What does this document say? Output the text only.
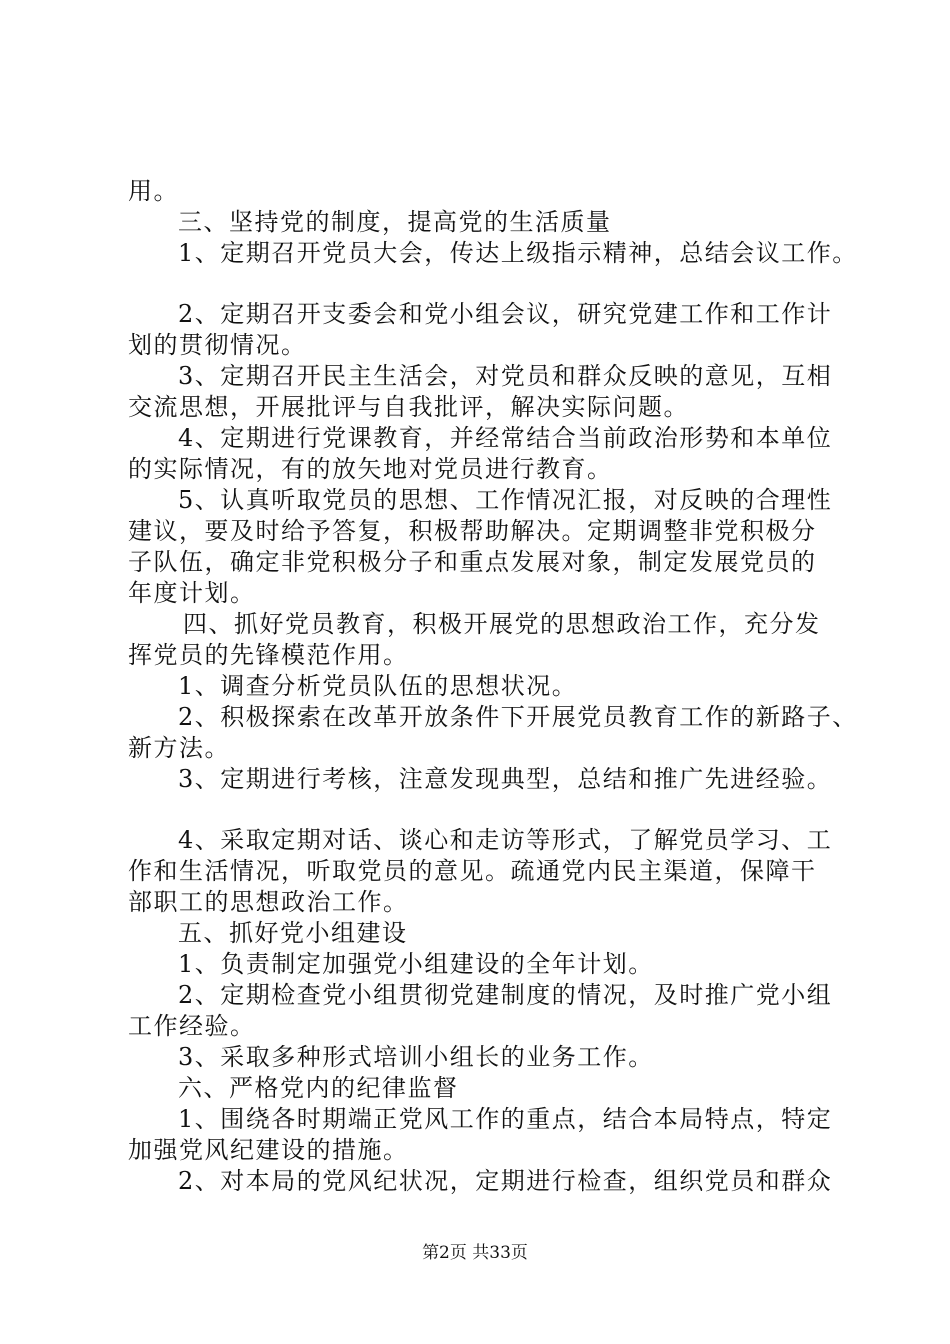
用。
三、坚持党的制度，提高党的生活质量
1、定期召开党员大会，传达上级指示精神，总结会议工作。
2、定期召开支委会和党小组会议，研究党建工作和工作计
划的贯彻情况。
3、定期召开民主生活会，对党员和群众反映的意见，互相
交流思想，开展批评与自我批评，解决实际问题。
4、定期进行党课教育，并经常结合当前政治形势和本单位
的实际情况，有的放矢地对党员进行教育。
5、认真听取党员的思想、工作情况汇报，对反映的合理性
建议，要及时给予答复，积极帮助解决。定期调整非党积极分
子队伍，确定非党积极分子和重点发展对象，制定发展党员的
年度计划。
四、抓好党员教育，积极开展党的思想政治工作，充分发
挥党员的先锋模范作用。
1、调查分析党员队伍的思想状况。
2、积极探索在改革开放条件下开展党员教育工作的新路子、
新方法。
3、定期进行考核，注意发现典型，总结和推广先进经验。
4、采取定期对话、谈心和走访等形式，了解党员学习、工
作和生活情况，听取党员的意见。疏通党内民主渠道，保障干
部职工的思想政治工作。
五、抓好党小组建设
1、负责制定加强党小组建设的全年计划。
2、定期检查党小组贯彻党建制度的情况，及时推广党小组
工作经验。
3、采取多种形式培训小组长的业务工作。
六、严格党内的纪律监督
1、围绕各时期端正党风工作的重点，结合本局特点，特定
加强党风纪建设的措施。
2、对本局的党风纪状况，定期进行检查，组织党员和群众
第2页 共33页
